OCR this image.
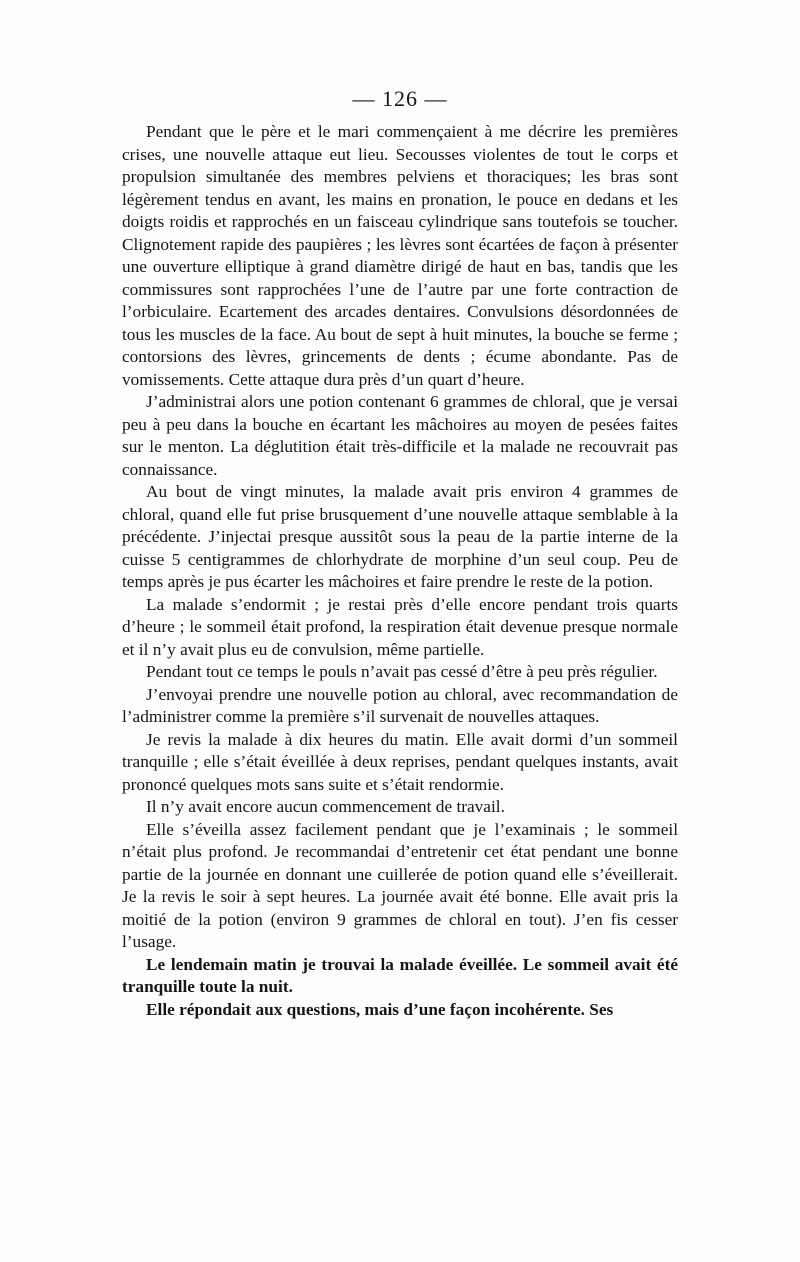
— 126 —

Pendant que le père et le mari commençaient à me décrire les premières crises, une nouvelle attaque eut lieu. Secousses violentes de tout le corps et propulsion simultanée des membres pelviens et thoraciques; les bras sont légèrement tendus en avant, les mains en pronation, le pouce en dedans et les doigts roidis et rapprochés en un faisceau cylindrique sans toutefois se toucher. Clignotement rapide des paupières ; les lèvres sont écartées de façon à présenter une ouverture elliptique à grand diamètre dirigé de haut en bas, tandis que les commissures sont rapprochées l’une de l’autre par une forte contraction de l’orbiculaire. Ecartement des arcades dentaires. Convulsions désordonnées de tous les muscles de la face. Au bout de sept à huit minutes, la bouche se ferme ; contorsions des lèvres, grincements de dents ; écume abondante. Pas de vomissements. Cette attaque dura près d’un quart d’heure.

J’administrai alors une potion contenant 6 grammes de chloral, que je versai peu à peu dans la bouche en écartant les mâchoires au moyen de pesées faites sur le menton. La déglutition était très-difficile et la malade ne recouvrait pas connaissance.

Au bout de vingt minutes, la malade avait pris environ 4 grammes de chloral, quand elle fut prise brusquement d’une nouvelle attaque semblable à la précédente. J’injectai presque aussitôt sous la peau de la partie interne de la cuisse 5 centigrammes de chlorhydrate de morphine d’un seul coup. Peu de temps après je pus écarter les mâchoires et faire prendre le reste de la potion.

La malade s’endormit ; je restai près d’elle encore pendant trois quarts d’heure ; le sommeil était profond, la respiration était devenue presque normale et il n’y avait plus eu de convulsion, même partielle.

Pendant tout ce temps le pouls n’avait pas cessé d’être à peu près régulier.

J’envoyai prendre une nouvelle potion au chloral, avec recommandation de l’administrer comme la première s’il survenait de nouvelles attaques.

Je revis la malade à dix heures du matin. Elle avait dormi d’un sommeil tranquille ; elle s’était éveillée à deux reprises, pendant quelques instants, avait prononcé quelques mots sans suite et s’était rendormie.

Il n’y avait encore aucun commencement de travail.

Elle s’éveilla assez facilement pendant que je l’examinais ; le sommeil n’était plus profond. Je recommandai d’entretenir cet état pendant une bonne partie de la journée en donnant une cuillerée de potion quand elle s’éveillerait. Je la revis le soir à sept heures. La journée avait été bonne. Elle avait pris la moitié de la potion (environ 9 grammes de chloral en tout). J’en fis cesser l’usage.

Le lendemain matin je trouvai la malade éveillée. Le sommeil avait été tranquille toute la nuit.

Elle répondait aux questions, mais d’une façon incohérente. Ses
